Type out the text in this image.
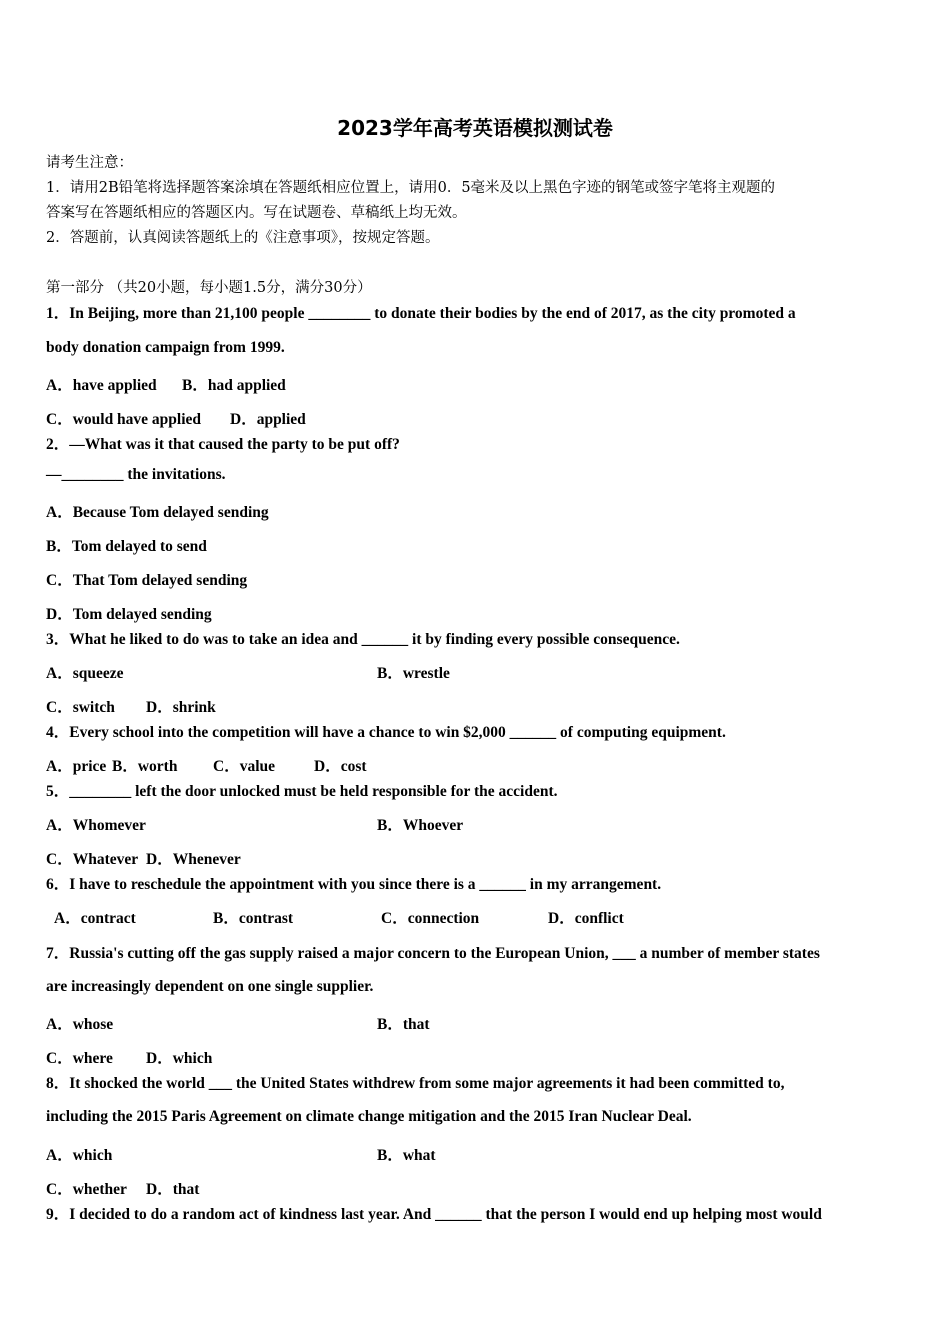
2023学年高考英语模拟测试卷
请考生注意：
1．请用2B铅笔将选择题答案涂填在答题纸相应位置上，请用0．5毫米及以上黑色字迹的钢笔或签字笔将主观题的
答案写在答题纸相应的答题区内。写在试题卷、草稿纸上均无效。
2．答题前，认真阅读答题纸上的《注意事项》，按规定答题。
第一部分 （共20小题，每小题1.5分，满分30分）
1．In Beijing, more than 21,100 people ________ to donate their bodies by the end of 2017, as the city promoted a
body donation campaign from 1999.
A．have applied B．had applied
C．would have applied D．applied
2．—What was it that caused the party to be put off?
—________ the invitations.
A．Because Tom delayed sending
B．Tom delayed to send
C．That Tom delayed sending
D．Tom delayed sending
3．What he liked to do was to take an idea and ______ it by finding every possible consequence.
A．squeeze	B．wrestle
C．switch D．shrink
4．Every school into the competition will have a chance to win $2,000 ______ of computing equipment.
A．price B．worth C．value	D．cost
5．________ left the door unlocked must be held responsible for the accident.
A．Whomever	B．Whoever
C．Whatever D．Whenever
6．I have to reschedule the appointment with you since there is a ______ in my arrangement.
A．contract	B．contrast	C．connection	D．conflict
7．Russia's cutting off the gas supply raised a major concern to the European Union, ___ a number of member states
are increasingly dependent on one single supplier.
A．whose	B．that
C．where D．which
8．It shocked the world ___ the United States withdrew from some major agreements it had been committed to,
including the 2015 Paris Agreement on climate change mitigation and the 2015 Iran Nuclear Deal.
A．which	B．what
C．whether D．that
9．I decided to do a random act of kindness last year. And ______ that the person I would end up helping most would
